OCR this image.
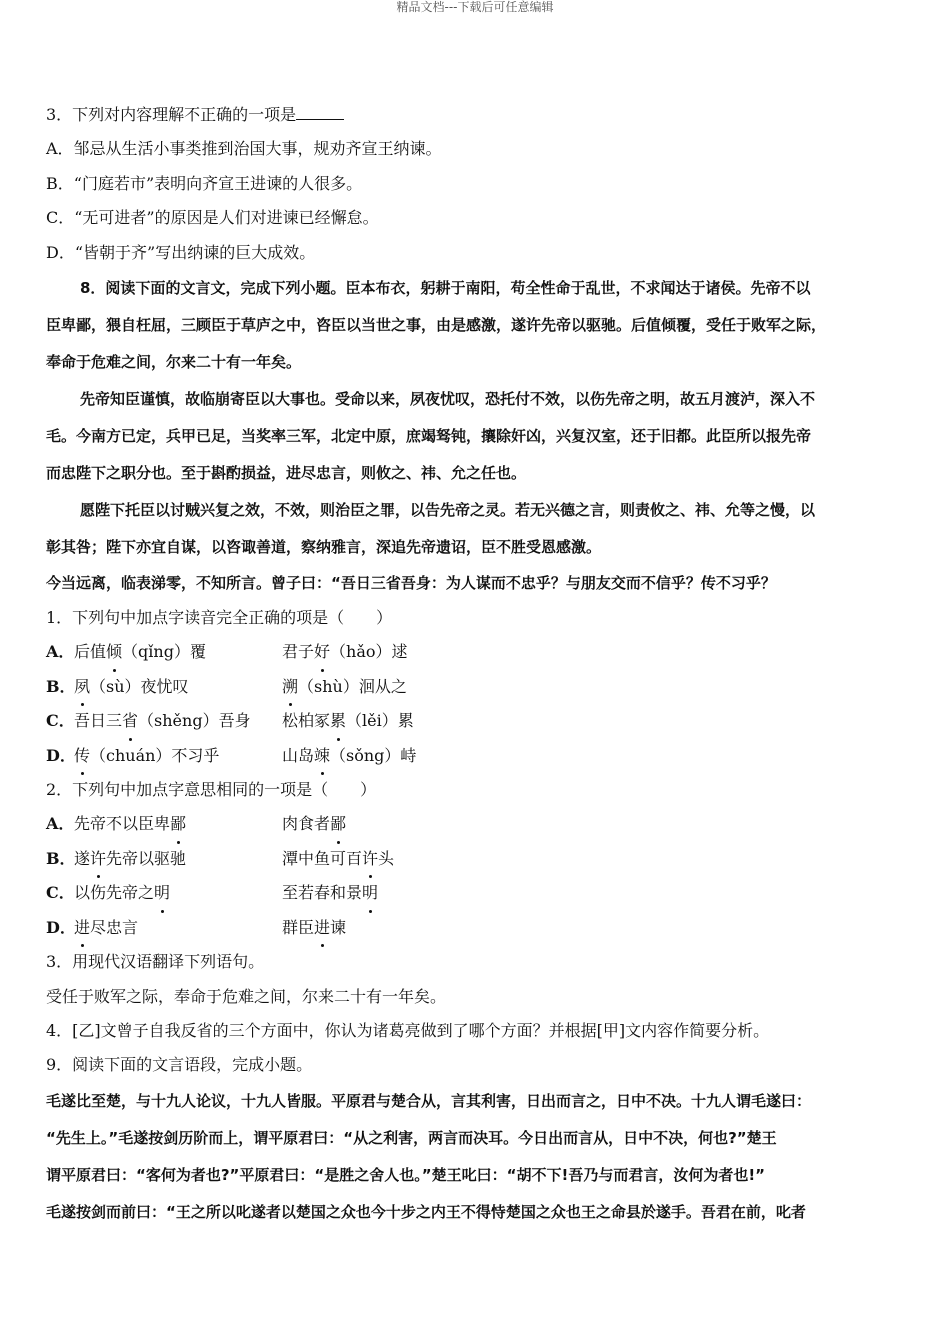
精品文档---下载后可任意编辑
3．下列对内容理解不正确的一项是
A．邹忌从生活小事类推到治国大事，规劝齐宣王纳谏。
B．“门庭若市”表明向齐宣王进谏的人很多。
C．“无可进者”的原因是人们对进谏已经懈怠。
D．“皆朝于齐”写出纳谏的巨大成效。
8．阅读下面的文言文，完成下列小题。臣本布衣，躬耕于南阳，苟全性命于乱世，不求闻达于诸侯。先帝不以
臣卑鄙，猥自枉屈，三顾臣于草庐之中，咨臣以当世之事，由是感激，遂许先帝以驱驰。后值倾覆，受任于败军之际，
奉命于危难之间，尔来二十有一年矣。
先帝知臣谨慎，故临崩寄臣以大事也。受命以来，夙夜忧叹，恐托付不效，以伤先帝之明，故五月渡泸，深入不
毛。今南方已定，兵甲已足，当奖率三军，北定中原，庶竭驽钝，攘除奸凶，兴复汉室，还于旧都。此臣所以报先帝
而忠陛下之职分也。至于斟酌损益，进尽忠言，则攸之、祎、允之任也。
愿陛下托臣以讨贼兴复之效，不效，则治臣之罪，以告先帝之灵。若无兴德之言，则责攸之、祎、允等之慢，以
彰其咎；陛下亦宜自谋，以咨诹善道，察纳雅言，深追先帝遗诏，臣不胜受恩感激。
今当远离，临表涕零，不知所言。曾子曰：“吾日三省吾身：为人谋而不忠乎？与朋友交而不信乎？传不习乎？
1．下列句中加点字读音完全正确的项是（　　）
A． 后值倾（qǐng）覆	君子好（hǎo）逑
B．
夙（sù）夜忧叹	溯（shù）洄从之
C． 吾日三省（shěng）吾身	松柏冢累（lěi）累
D．
传（chuán）不习乎	山岛竦（sǒng）峙
2．下列句中加点字意思相同的一项是（　　）
A． 先帝不以臣卑鄙	肉食者鄙
B．
遂许先帝以驱驰	潭中鱼可百许头
C． 以伤先帝之明	至若春和景明
D．
进尽忠言	群臣进谏
3．用现代汉语翻译下列语句。
受任于败军之际，奉命于危难之间，尔来二十有一年矣。
4．[乙]文曾子自我反省的三个方面中，你认为诸葛亮做到了哪个方面？并根据[甲]文内容作简要分析。
9．阅读下面的文言语段，完成小题。
毛遂比至楚，与十九人论议，十九人皆服。平原君与楚合从，言其利害，日出而言之，日中不决。十九人谓毛遂曰：
“先生上。”毛遂按剑历阶而上，谓平原君曰：“从之利害，两言而决耳。今日出而言从，日中不决，何也?”楚王
谓平原君曰：“客何为者也?”平原君曰：“是胜之舍人也。”楚王叱曰：“胡不下!吾乃与而君言，汝何为者也!”
毛遂按剑而前曰：“王之所以叱遂者以楚国之众也今十步之内王不得恃楚国之众也王之命县於遂手。吾君在前，叱者
